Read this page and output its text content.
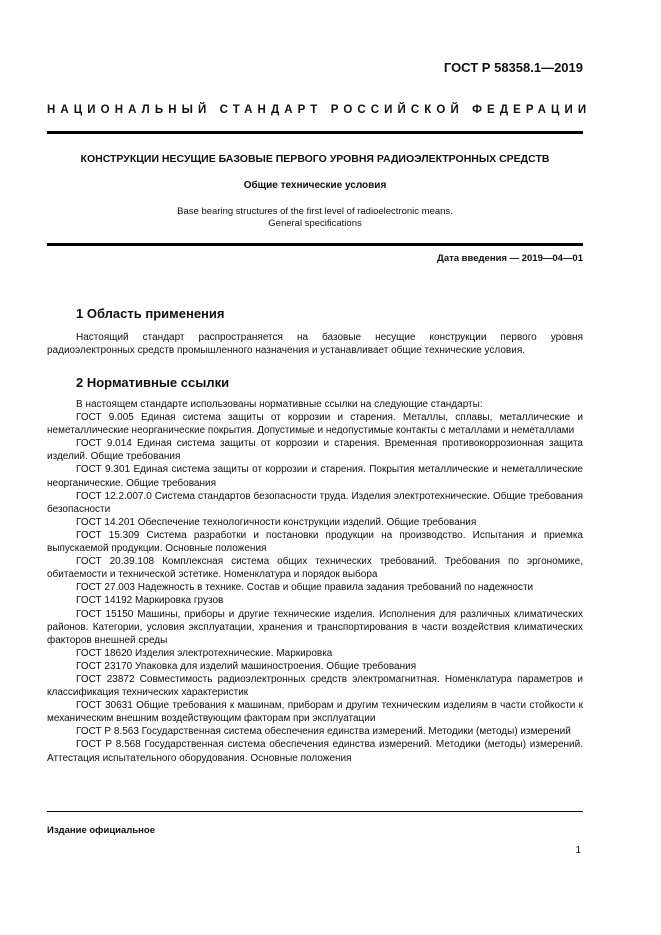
ГОСТ Р 58358.1—2019
НАЦИОНАЛЬНЫЙ СТАНДАРТ РОССИЙСКОЙ ФЕДЕРАЦИИ
КОНСТРУКЦИИ НЕСУЩИЕ БАЗОВЫЕ ПЕРВОГО УРОВНЯ РАДИОЭЛЕКТРОННЫХ СРЕДСТВ
Общие технические условия
Base bearing structures of the first level of radioelectronic means.
General specifications
Дата введения — 2019—04—01
1 Область применения

Настоящий стандарт распространяется на базовые несущие конструкции первого уровня радиоэлектронных средств промышленного назначения и устанавливает общие технические условия.

2 Нормативные ссылки

В настоящем стандарте использованы нормативные ссылки на следующие стандарты:

ГОСТ 9.005 Единая система защиты от коррозии и старения. Металлы, сплавы, металлические и неметаллические неорганические покрытия. Допустимые и недопустимые контакты с металлами и неметаллами

ГОСТ 9.014 Единая система защиты от коррозии и старения. Временная противокоррозионная защита изделий. Общие требования

ГОСТ 9.301 Единая система защиты от коррозии и старения. Покрытия металлические и неметаллические неорганические. Общие требования

ГОСТ 12.2.007.0 Система стандартов безопасности труда. Изделия электротехнические. Общие требования безопасности

ГОСТ 14.201 Обеспечение технологичности конструкции изделий. Общие требования

ГОСТ 15.309 Система разработки и постановки продукции на производство. Испытания и приемка выпускаемой продукции. Основные положения

ГОСТ 20.39.108 Комплексная система общих технических требований. Требования по эргономике, обитаемости и технической эстетике. Номенклатура и порядок выбора

ГОСТ 27.003 Надежность в технике. Состав и общие правила задания требований по надежности

ГОСТ 14192 Маркировка грузов

ГОСТ 15150 Машины, приборы и другие технические изделия. Исполнения для различных климатических районов. Категории, условия эксплуатации, хранения и транспортирования в части воздействия климатических факторов внешней среды

ГОСТ 18620 Изделия электротехнические. Маркировка

ГОСТ 23170 Упаковка для изделий машиностроения. Общие требования

ГОСТ 23872 Совместимость радиоэлектронных средств электромагнитная. Номенклатура параметров и классификация технических характеристик

ГОСТ 30631 Общие требования к машинам, приборам и другим техническим изделиям в части стойкости к механическим внешним воздействующим факторам при эксплуатации

ГОСТ Р 8.563 Государственная система обеспечения единства измерений. Методики (методы) измерений

ГОСТ Р 8.568 Государственная система обеспечения единства измерений. Методики (методы) измерений. Аттестация испытательного оборудования. Основные положения

Издание официальное
1
